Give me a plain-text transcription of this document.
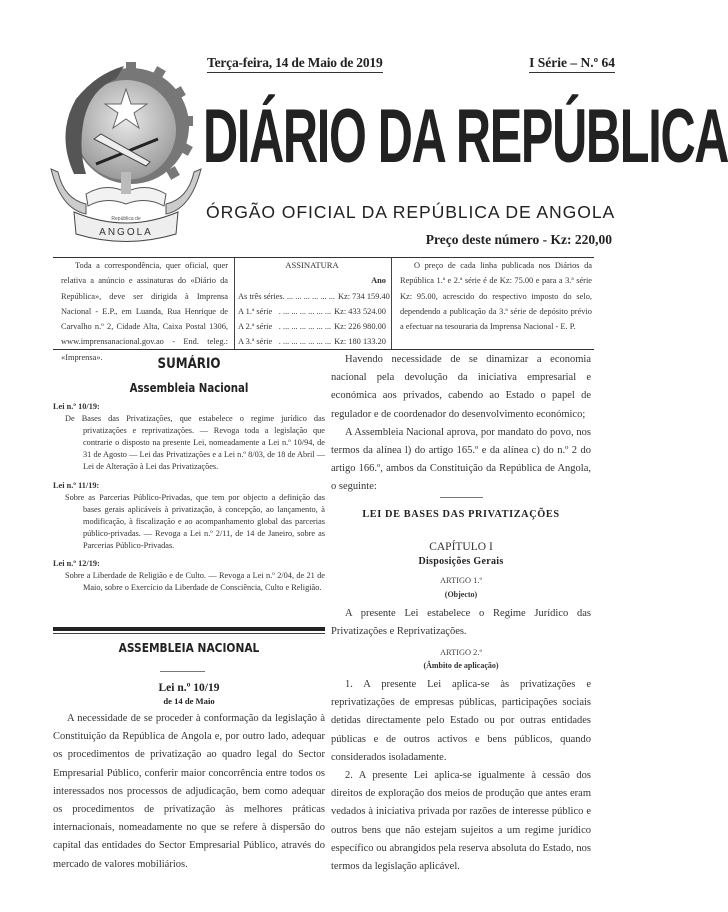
República de
ANGOLA
Terça-feira, 14 de Maio de 2019	I Série – N.º 64
DIÁRIO DA REPÚBLICA
ÓRGÃO OFICIAL DA REPÚBLICA DE ANGOLA
Preço deste número - Kz: 220,00
Toda a correspondência, quer oficial, quer relativa a anúncio e assinaturas do «Diário da República», deve ser dirigida à Imprensa Nacional - E.P., em Luanda, Rua Henrique de Carvalho n.º 2, Cidade Alta, Caixa Postal 1306, www.imprensanacional.gov.ao - End. teleg.: «Imprensa».
ASSINATURA
Ano
As três séries . ... ... ... ... ... ... Kz: 734 159.40
A 1.ª série . ... ... ... ... ... ... Kz: 433 524.00
A 2.ª série . ... ... ... ... ... ... Kz: 226 980.00
A 3.ª série . ... ... ... ... ... ... Kz: 180 133.20
O preço de cada linha publicada nos Diários da República 1.ª e 2.ª série é de Kz: 75.00 e para a 3.ª série Kz: 95.00, acrescido do respectivo imposto do selo, dependendo a publicação da 3.ª série de depósito prévio a efectuar na tesouraria da Imprensa Nacional - E. P.
SUMÁRIO
Assembleia Nacional
Lei n.º 10/19:
De Bases das Privatizações, que estabelece o regime jurídico das privatizações e reprivatizações. — Revoga toda a legislação que contrarie o disposto na presente Lei, nomeadamente a Lei n.º 10/94, de 31 de Agosto — Lei das Privatizações e a Lei n.º 8/03, de 18 de Abril — Lei de Alteração à Lei das Privatizações.
Lei n.º 11/19:
Sobre as Parcerias Público-Privadas, que tem por objecto a definição das bases gerais aplicáveis à privatização, à concepção, ao lançamento, à modificação, à fiscalização e ao acompanhamento global das parcerias público-privadas. — Revoga a Lei n.º 2/11, de 14 de Janeiro, sobre as Parcerias Público-Privadas.
Lei n.º 12/19:
Sobre a Liberdade de Religião e de Culto. — Revoga a Lei n.º 2/04, de 21 de Maio, sobre o Exercício da Liberdade de Consciência, Culto e Religião.
ASSEMBLEIA NACIONAL
Lei n.º 10/19
de 14 de Maio
A necessidade de se proceder à conformação da legislação à Constituição da República de Angola e, por outro lado, adequar os procedimentos de privatização ao quadro legal do Sector Empresarial Público, conferir maior concorrência entre todos os interessados nos processos de adjudicação, bem como adequar os procedimentos de privatização às melhores práticas internacionais, nomeadamente no que se refere à dispersão do capital das entidades do Sector Empresarial Público, através do mercado de valores mobiliários.
Havendo necessidade de se dinamizar a economia nacional pela devolução da iniciativa empresarial e económica aos privados, cabendo ao Estado o papel de regulador e de coordenador do desenvolvimento económico;
A Assembleia Nacional aprova, por mandato do povo, nos termos da alínea l) do artigo 165.º e da alínea c) do n.º 2 do artigo 166.º, ambos da Constituição da República de Angola, o seguinte:
LEI DE BASES DAS PRIVATIZAÇÕES
CAPÍTULO I
Disposições Gerais
ARTIGO 1.º
(Objecto)
A presente Lei estabelece o Regime Jurídico das Privatizações e Reprivatizações.
ARTIGO 2.º
(Âmbito de aplicação)
1. A presente Lei aplica-se às privatizações e reprivatizações de empresas públicas, participações sociais detidas directamente pelo Estado ou por outras entidades públicas e de outros activos e bens públicos, quando considerados isoladamente.
2. A presente Lei aplica-se igualmente à cessão dos direitos de exploração dos meios de produção que antes eram vedados à iniciativa privada por razões de interesse público e outros bens que não estejam sujeitos a um regime jurídico específico ou abrangidos pela reserva absoluta do Estado, nos termos da legislação aplicável.
